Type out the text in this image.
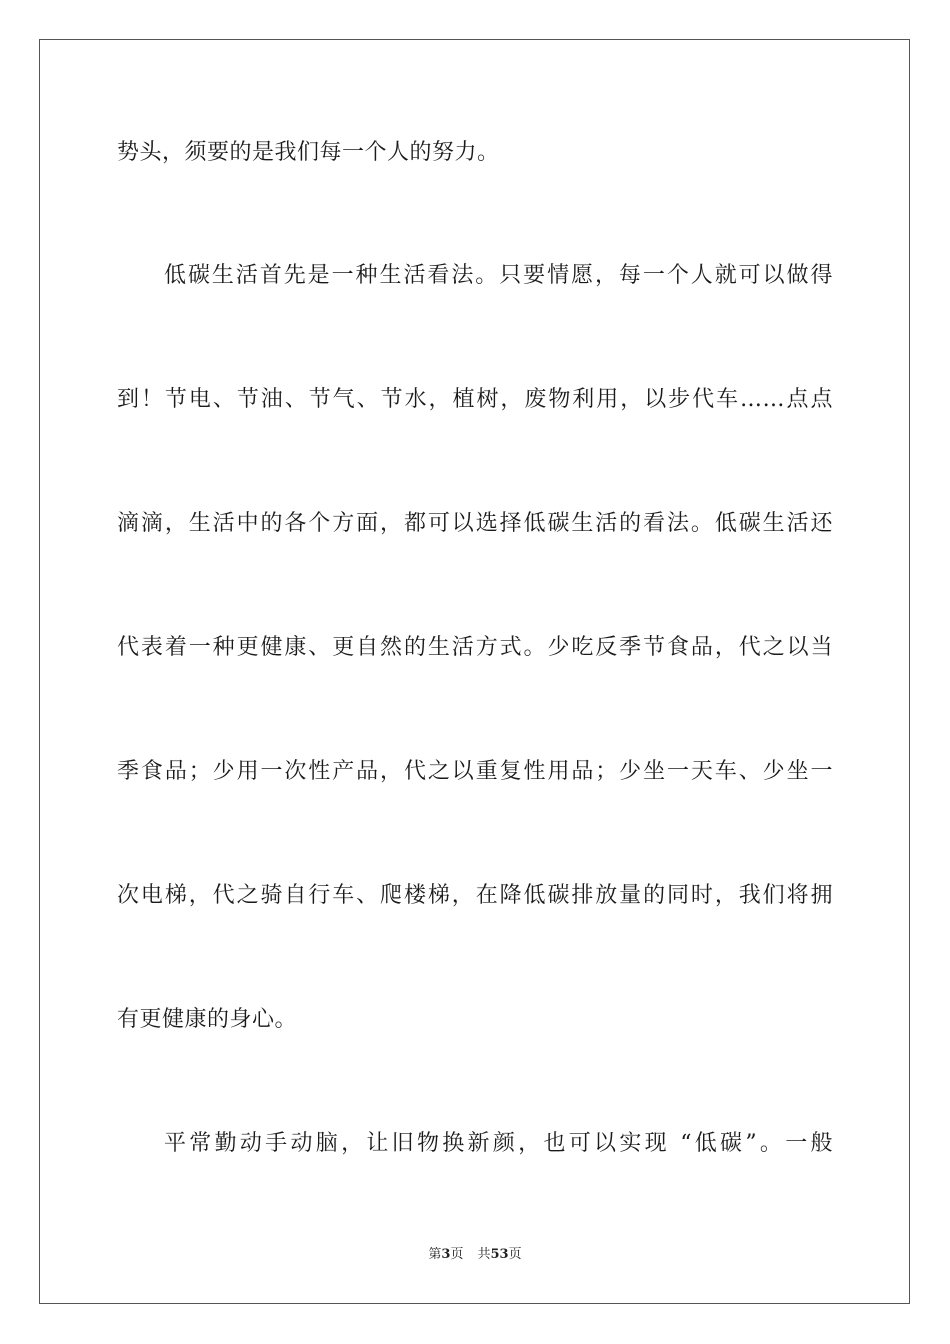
势头，须要的是我们每一个人的努力。
低碳生活首先是一种生活看法。只要情愿，每一个人就可以做得
到！节电、节油、节气、节水，植树，废物利用，以步代车……点点
滴滴，生活中的各个方面，都可以选择低碳生活的看法。低碳生活还
代表着一种更健康、更自然的生活方式。少吃反季节食品，代之以当
季食品；少用一次性产品，代之以重复性用品；少坐一天车、少坐一
次电梯，代之骑自行车、爬楼梯，在降低碳排放量的同时，我们将拥
有更健康的身心。
平常勤动手动脑，让旧物换新颜，也可以实现 “低碳”。一般
第3页 共53页
